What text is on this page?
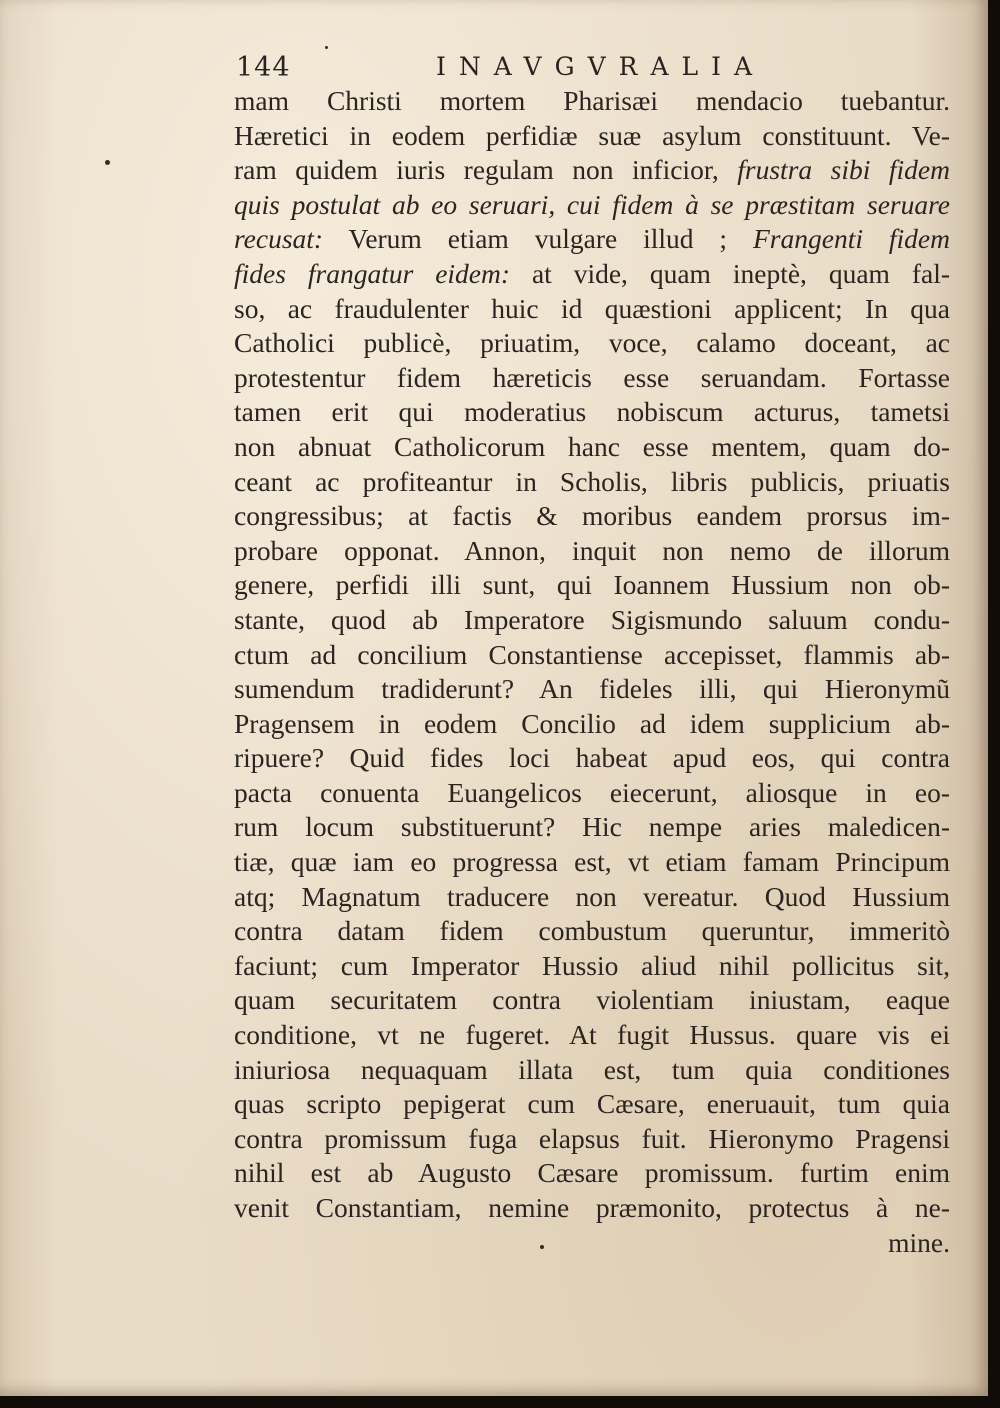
144	INAVGVRALIA
mam Christi mortem Pharisæi mendacio tuebantur.
Hæretici in eodem perfidiæ suæ asylum constituunt. Ve-
ram quidem iuris regulam non inficior, frustra sibi fidem
quis postulat ab eo seruari, cui fidem à se præstitam seruare
recusat: Verum etiam vulgare illud ; Frangenti fidem
fides frangatur eidem: at vide, quam ineptè, quam fal-
so, ac fraudulenter huic id quæstioni applicent; In qua
Catholici publicè, priuatim, voce, calamo doceant, ac
protestentur fidem hæreticis esse seruandam. Fortasse
tamen erit qui moderatius nobiscum acturus, tametsi
non abnuat Catholicorum hanc esse mentem, quam do-
ceant ac profiteantur in Scholis, libris publicis, priuatis
congressibus; at factis & moribus eandem prorsus im-
probare opponat. Annon, inquit non nemo de illorum
genere, perfidi illi sunt, qui Ioannem Hussium non ob-
stante, quod ab Imperatore Sigismundo saluum condu-
ctum ad concilium Constantiense accepisset, flammis ab-
sumendum tradiderunt? An fideles illi, qui Hieronymũ
Pragensem in eodem Concilio ad idem supplicium ab-
ripuere? Quid fides loci habeat apud eos, qui contra
pacta conuenta Euangelicos eiecerunt, aliosque in eo-
rum locum substituerunt? Hic nempe aries maledicen-
tiæ, quæ iam eo progressa est, vt etiam famam Principum
atq; Magnatum traducere non vereatur. Quod Hussium
contra datam fidem combustum queruntur, immeritò
faciunt; cum Imperator Hussio aliud nihil pollicitus sit,
quam securitatem contra violentiam iniustam, eaque
conditione, vt ne fugeret. At fugit Hussus. quare vis ei
iniuriosa nequaquam illata est, tum quia conditiones
quas scripto pepigerat cum Cæsare, eneruauit, tum quia
contra promissum fuga elapsus fuit. Hieronymo Pragensi
nihil est ab Augusto Cæsare promissum. furtim enim
venit Constantiam, nemine præmonito, protectus à ne-
mine.
